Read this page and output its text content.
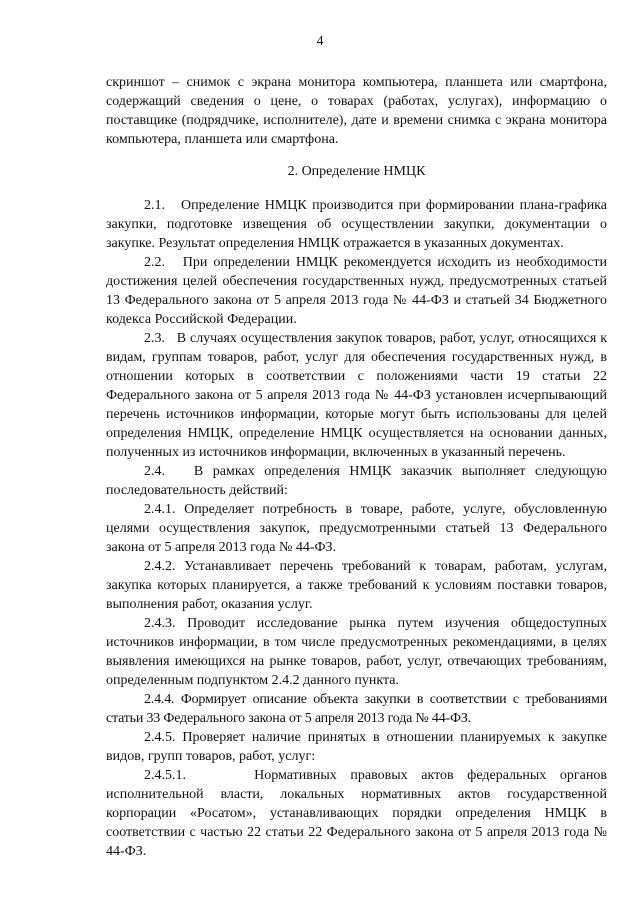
4

скриншот – снимок с экрана монитора компьютера, планшета или смартфона, содержащий сведения о цене, о товарах (работах, услугах), информацию о поставщике (подрядчике, исполнителе), дате и времени снимка с экрана монитора компьютера, планшета или смартфона.

2. Определение НМЦК

2.1.   Определение НМЦК производится при формировании плана-графика закупки, подготовке извещения об осуществлении закупки, документации о закупке. Результат определения НМЦК отражается в указанных документах.

2.2.   При определении НМЦК рекомендуется исходить из необходимости достижения целей обеспечения государственных нужд, предусмотренных статьей 13 Федерального закона от 5 апреля 2013 года № 44-ФЗ и статьей 34 Бюджетного кодекса Российской Федерации.

2.3.   В случаях осуществления закупок товаров, работ, услуг, относящихся к видам, группам товаров, работ, услуг для обеспечения государственных нужд, в отношении которых в соответствии с положениями части 19 статьи 22 Федерального закона от 5 апреля 2013 года № 44-ФЗ установлен исчерпывающий перечень источников информации, которые могут быть использованы для целей определения НМЦК, определение НМЦК осуществляется на основании данных, полученных из источников информации, включенных в указанный перечень.

2.4.   В рамках определения НМЦК заказчик выполняет следующую последовательность действий:

2.4.1. Определяет потребность в товаре, работе, услуге, обусловленную целями осуществления закупок, предусмотренными статьей 13 Федерального закона от 5 апреля 2013 года № 44-ФЗ.

2.4.2. Устанавливает перечень требований к товарам, работам, услугам, закупка которых планируется, а также требований к условиям поставки товаров, выполнения работ, оказания услуг.

2.4.3. Проводит исследование рынка путем изучения общедоступных источников информации, в том числе предусмотренных рекомендациями, в целях выявления имеющихся на рынке товаров, работ, услуг, отвечающих требованиям, определенным подпунктом 2.4.2 данного пункта.

2.4.4. Формирует описание объекта закупки в соответствии с требованиями статьи 33 Федерального закона от 5 апреля 2013 года № 44-ФЗ.

2.4.5. Проверяет наличие принятых в отношении планируемых к закупке видов, групп товаров, работ, услуг:

2.4.5.1.     Нормативных правовых актов федеральных органов исполнительной власти, локальных нормативных актов государственной корпорации «Росатом», устанавливающих порядки определения НМЦК в соответствии с частью 22 статьи 22 Федерального закона от 5 апреля 2013 года № 44-ФЗ.
